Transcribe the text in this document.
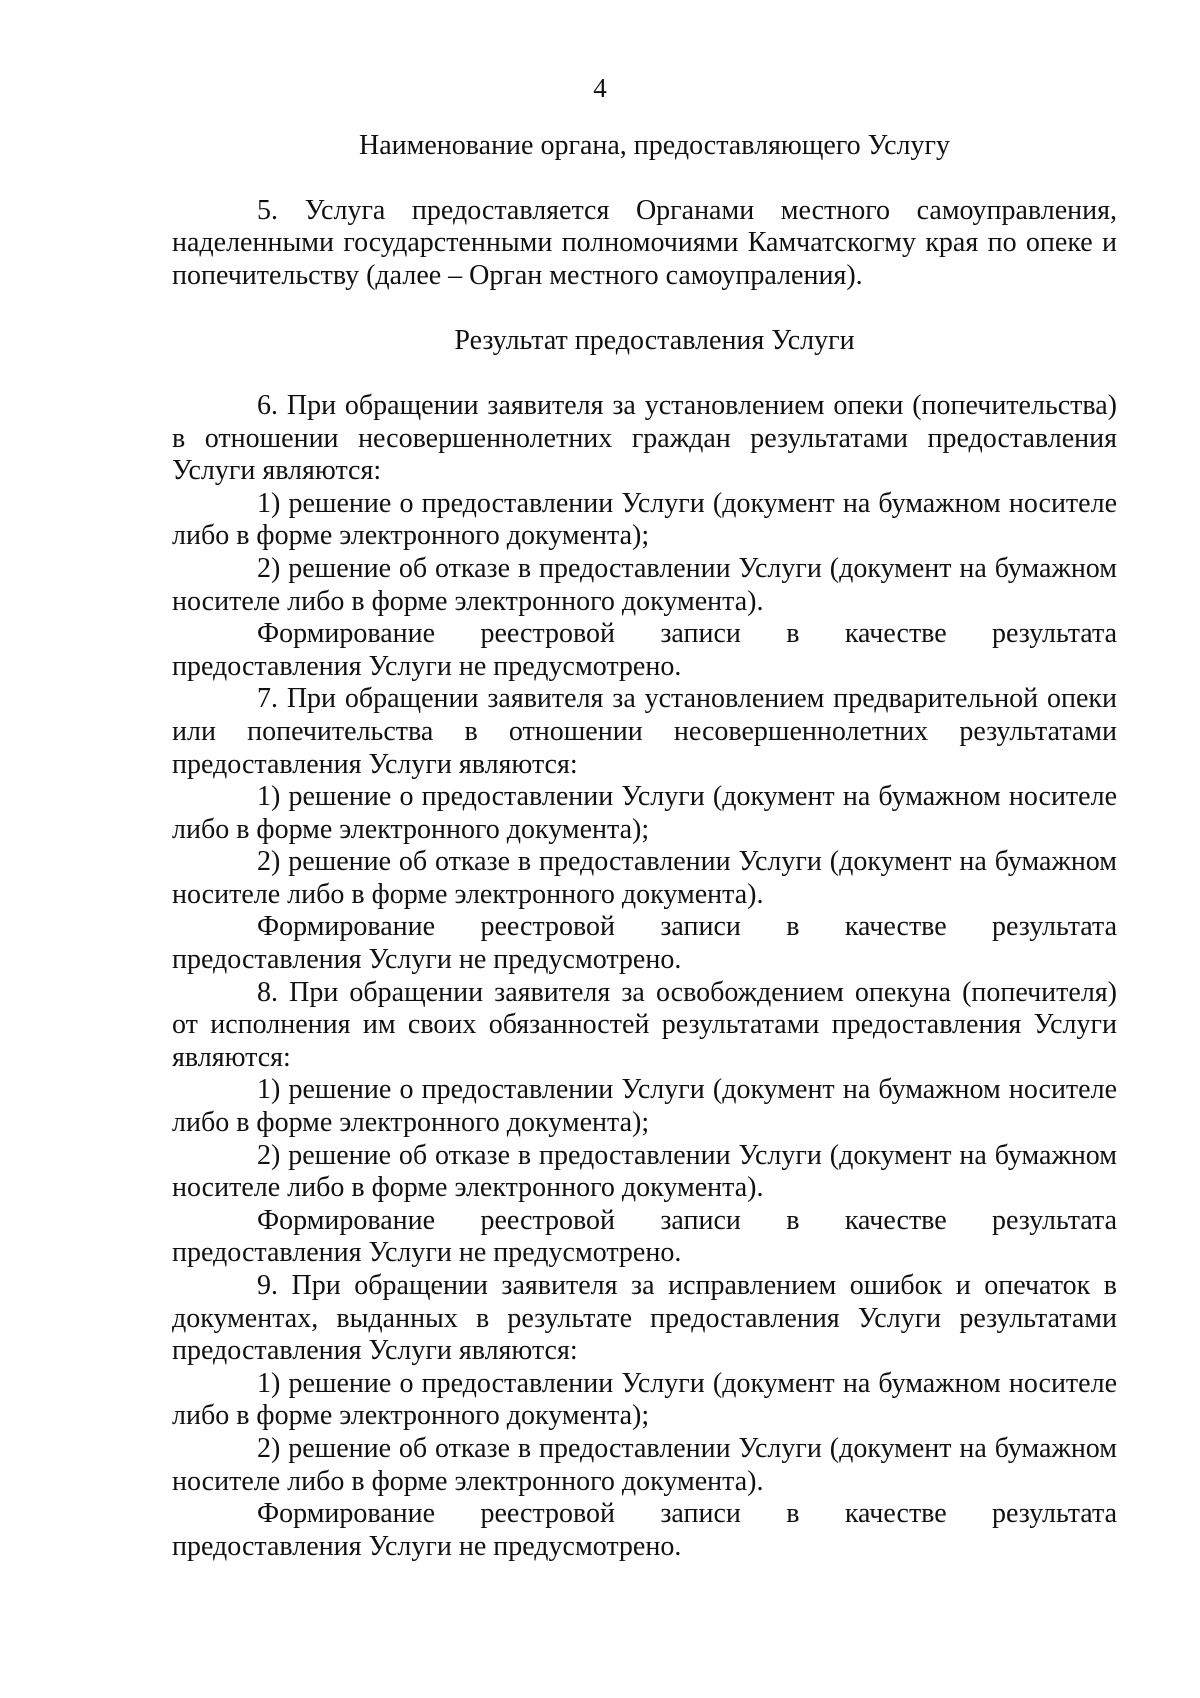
4

Наименование органа, предоставляющего Услугу

5. Услуга предоставляется Органами местного самоуправления, наделенными государстенными полномочиями Камчатскогму края по опеке и попечительству (далее – Орган местного самоупраления).

Результат предоставления Услуги

6. При обращении заявителя за установлением опеки (попечительства) в отношении несовершеннолетних граждан результатами предоставления Услуги являются:

1) решение о предоставлении Услуги (документ на бумажном носителе либо в форме электронного документа);

2) решение об отказе в предоставлении Услуги (документ на бумажном носителе либо в форме электронного документа).

Формирование реестровой записи в качестве результата предоставления Услуги не предусмотрено.

7. При обращении заявителя за установлением предварительной опеки или попечительства в отношении несовершеннолетних результатами предоставления Услуги являются:

1) решение о предоставлении Услуги (документ на бумажном носителе либо в форме электронного документа);

2) решение об отказе в предоставлении Услуги (документ на бумажном носителе либо в форме электронного документа).

Формирование реестровой записи в качестве результата предоставления Услуги не предусмотрено.

8. При обращении заявителя за освобождением опекуна (попечителя) от исполнения им своих обязанностей результатами предоставления Услуги являются:

1) решение о предоставлении Услуги (документ на бумажном носителе либо в форме электронного документа);

2) решение об отказе в предоставлении Услуги (документ на бумажном носителе либо в форме электронного документа).

Формирование реестровой записи в качестве результата предоставления Услуги не предусмотрено.

9. При обращении заявителя за исправлением ошибок и опечаток в документах, выданных в результате предоставления Услуги результатами предоставления Услуги являются:

1) решение о предоставлении Услуги (документ на бумажном носителе либо в форме электронного документа);

2) решение об отказе в предоставлении Услуги (документ на бумажном носителе либо в форме электронного документа).

Формирование реестровой записи в качестве результата предоставления Услуги не предусмотрено.
